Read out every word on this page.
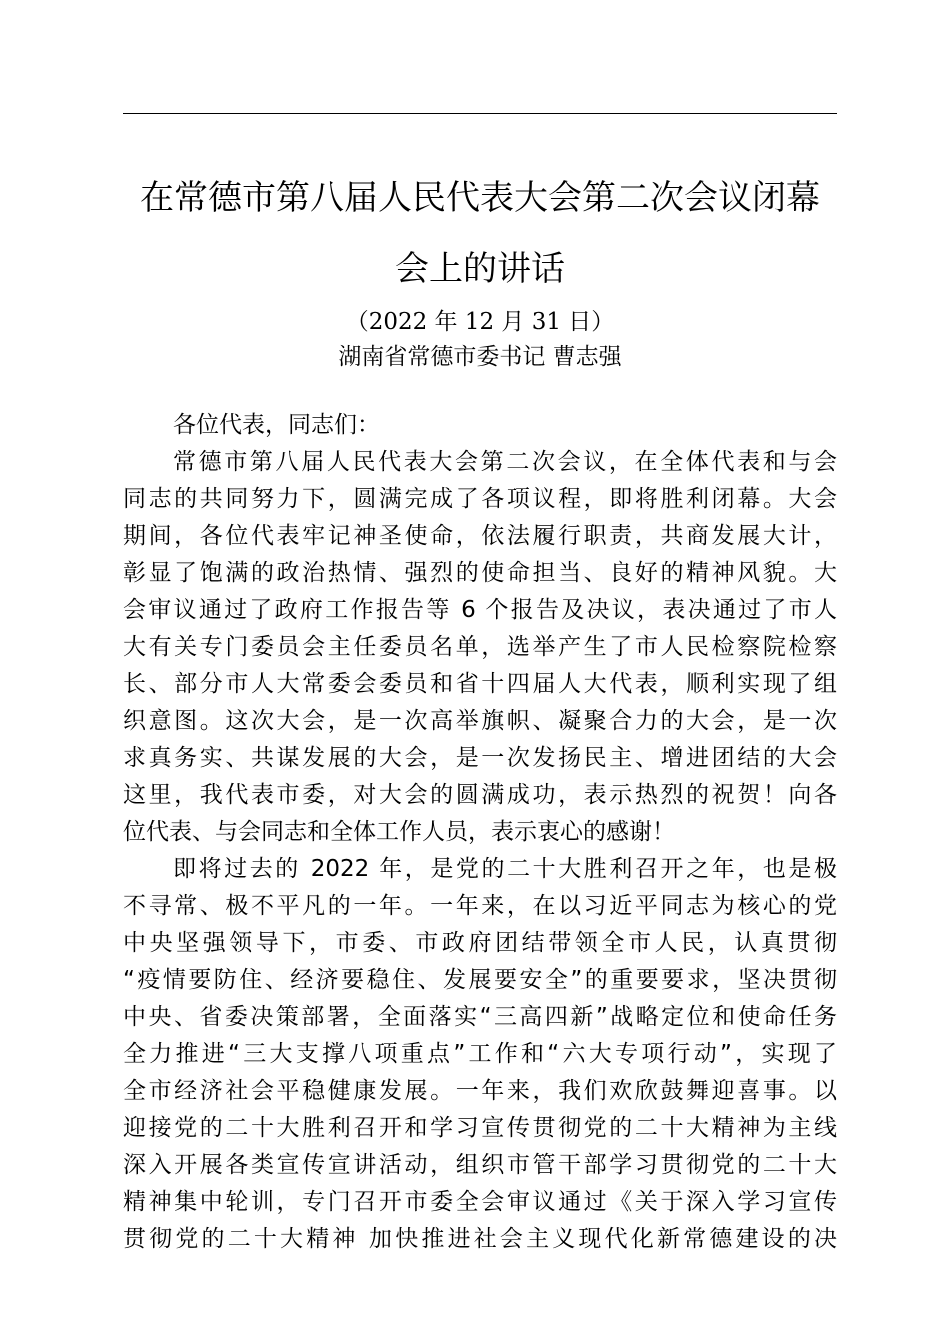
在常德市第八届人民代表大会第二次会议闭幕
会上的讲话
（2022 年 12 月 31 日）
湖南省常德市委书记 曹志强
各位代表，同志们：
常德市第八届人民代表大会第二次会议，在全体代表和与会
同志的共同努力下，圆满完成了各项议程，即将胜利闭幕。大会
期间，各位代表牢记神圣使命，依法履行职责，共商发展大计，
彰显了饱满的政治热情、强烈的使命担当、良好的精神风貌。大
会审议通过了政府工作报告等 6 个报告及决议，表决通过了市人
大有关专门委员会主任委员名单，选举产生了市人民检察院检察
长、部分市人大常委会委员和省十四届人大代表，顺利实现了组
织意图。这次大会，是一次高举旗帜、凝聚合力的大会，是一次
求真务实、共谋发展的大会，是一次发扬民主、增进团结的大会
这里，我代表市委，对大会的圆满成功，表示热烈的祝贺！向各
位代表、与会同志和全体工作人员，表示衷心的感谢！
即将过去的 2022 年，是党的二十大胜利召开之年，也是极
不寻常、极不平凡的一年。一年来，在以习近平同志为核心的党
中央坚强领导下，市委、市政府团结带领全市人民，认真贯彻
“疫情要防住、经济要稳住、发展要安全”的重要要求，坚决贯彻
中央、省委决策部署，全面落实“三高四新”战略定位和使命任务
全力推进“三大支撑八项重点”工作和“六大专项行动”，实现了
全市经济社会平稳健康发展。一年来，我们欢欣鼓舞迎喜事。以
迎接党的二十大胜利召开和学习宣传贯彻党的二十大精神为主线
深入开展各类宣传宣讲活动，组织市管干部学习贯彻党的二十大
精神集中轮训，专门召开市委全会审议通过《关于深入学习宣传
贯彻党的二十大精神 加快推进社会主义现代化新常德建设的决
